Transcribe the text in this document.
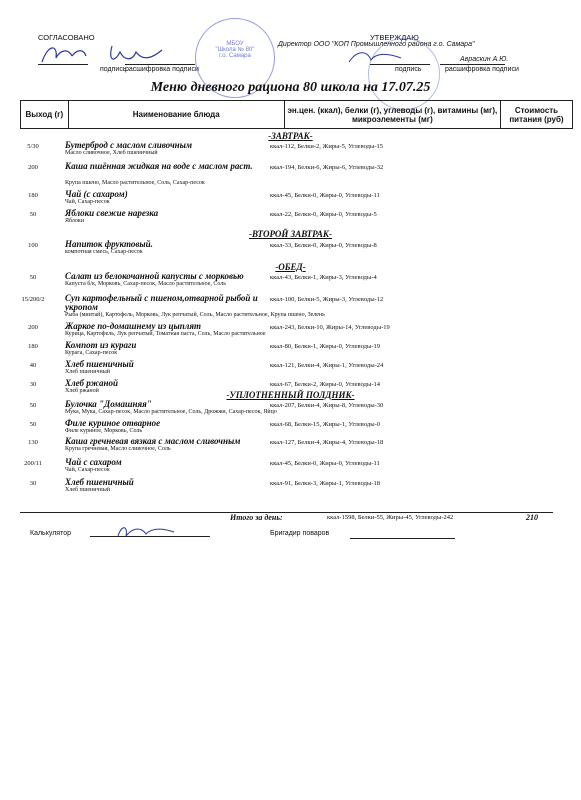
СОГЛАСОВАНО
подпись
расшифровка подписи
УТВЕРЖДАЮ
Директор ООО "КОП Промышленного района г.о. Самара"
Авраскин А.Ю.
подпись	расшифровка подписи
МБОУ
"Школа № 80"
г.о. Самара
Меню дневного рациона 80 школа на 17.07.25
Выход (г)	Наименование блюда	эн.цен. (ккал), белки (г), углеводы (г), витамины (мг), микроэлементы (мг)	Стоимость питания (руб)
-ЗАВТРАК-
5/30	Бутерброд с маслом сливочным
Масло сливочное, Хлеб пшеничный
ккал-112, Белки-2, Жиры-5, Углеводы-15
200	Каша пшённая жидкая на воде с маслом раст.
Крупа пшено, Масло растительное, Соль, Сахар-песок
ккал-194, Белки-6, Жиры-6, Углеводы-32
180	Чай (с сахаром)
Чай, Сахар-песок
ккал-45, Белки-0, Жиры-0, Углеводы-11
50	Яблоки свежие нарезка
Яблоки
ккал-22, Белки-0, Жиры-0, Углеводы-5
-ВТОРОЙ ЗАВТРАК-
100	Напиток фруктовый.
компотная смесь, Сахар-песок
ккал-33, Белки-0, Жиры-0, Углеводы-8
-ОБЕД-
50	Салат из белокочанной капусты с морковью
Капуста б/к, Морковь, Сахар-песок, Масло растительное, Соль
ккал-43, Белки-1, Жиры-3, Углеводы-4
15/200/2	Суп картофельный с пшеном,отварной рыбой и укропом
Рыба (минтай), Картофель, Морковь, Лук репчатый, Соль, Масло растительное, Крупа пшено, Зелень
ккал-100, Белки-5, Жиры-3, Углеводы-12
200	Жаркое по-домашнему из цыплят
Курица, Картофель, Лук репчатый, Томатная паста, Соль, Масло растительное
ккал-243, Белки-10, Жиры-14, Углеводы-19
180	Компот из кураги
Курага, Сахар-песок
ккал-80, Белки-1, Жиры-0, Углеводы-19
40	Хлеб пшеничный
Хлеб пшеничный
ккал-121, Белки-4, Жиры-1, Углеводы-24
30	Хлеб ржаной
Хлеб ржаной
ккал-67, Белки-2, Жиры-0, Углеводы-14
-УПЛОТНЕННЫЙ ПОЛДНИК-
50	Булочка "Домашняя"
Мука, Мука, Сахар-песок, Масло растительное, Соль, Дрожжи, Сахар-песок, Яйцо
ккал-207, Белки-4, Жиры-8, Углеводы-30
50	Филе куриное отварное
Филе куриное, Морковь, Соль
ккал-68, Белки-15, Жиры-1, Углеводы-0
130	Каша гречневая вязкая с маслом сливочным
Крупа гречневая, Масло сливочное, Соль
ккал-127, Белки-4, Жиры-4, Углеводы-18
200/11	Чай с сахаром
Чай, Сахар-песок
ккал-45, Белки-0, Жиры-0, Углеводы-11
30	Хлеб пшеничный
Хлеб пшеничный
ккал-91, Белки-3, Жиры-1, Углеводы-18
Итого за день:	ккал-1598, Белки-55, Жиры-45, Углеводы-242	210
Калькулятор	Бригадир поваров
